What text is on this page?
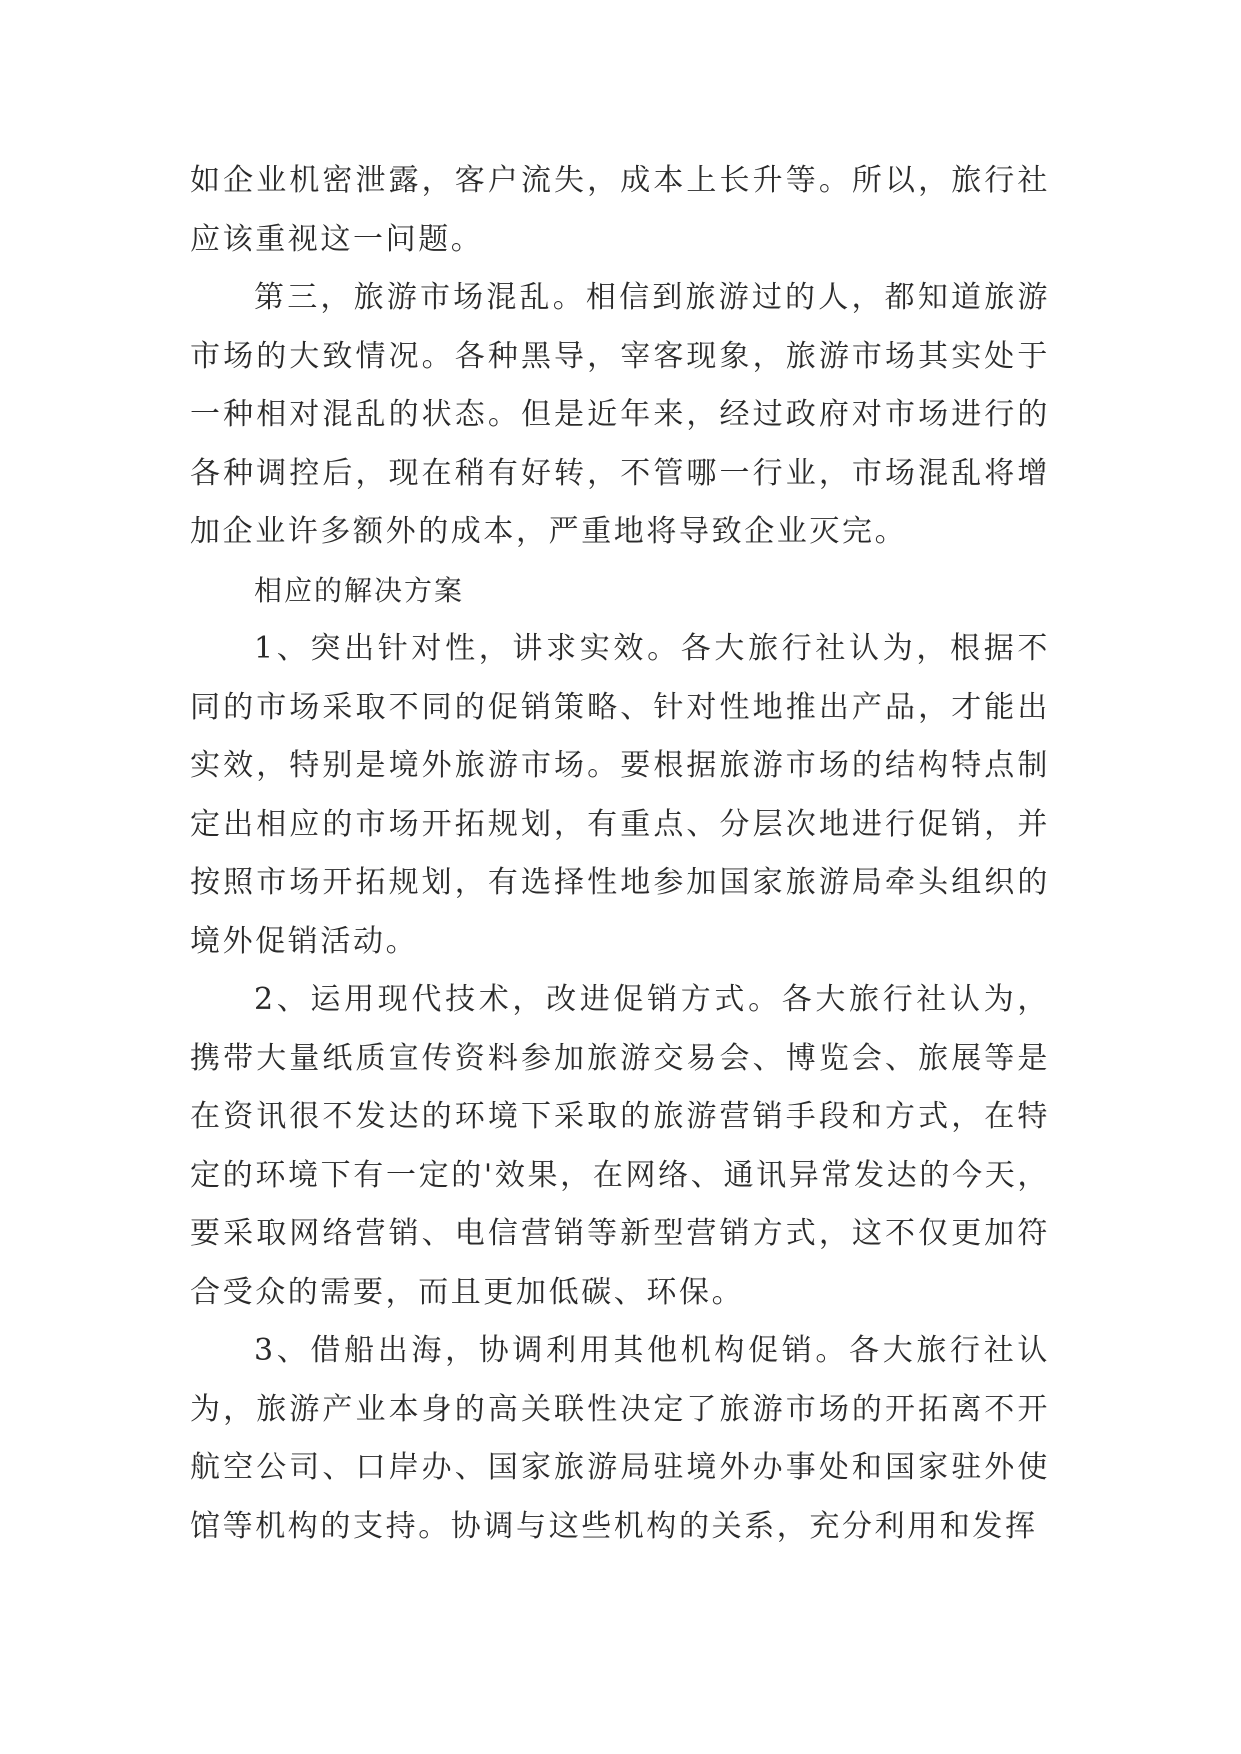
如企业机密泄露，客户流失，成本上长升等。所以，旅行社应该重视这一问题。

第三，旅游市场混乱。相信到旅游过的人，都知道旅游市场的大致情况。各种黑导，宰客现象，旅游市场其实处于一种相对混乱的状态。但是近年来，经过政府对市场进行的各种调控后，现在稍有好转，不管哪一行业，市场混乱将增加企业许多额外的成本，严重地将导致企业灭完。

相应的解决方案

1、突出针对性，讲求实效。各大旅行社认为，根据不同的市场采取不同的促销策略、针对性地推出产品，才能出实效，特别是境外旅游市场。要根据旅游市场的结构特点制定出相应的市场开拓规划，有重点、分层次地进行促销，并按照市场开拓规划，有选择性地参加国家旅游局牵头组织的境外促销活动。

2、运用现代技术，改进促销方式。各大旅行社认为，携带大量纸质宣传资料参加旅游交易会、博览会、旅展等是在资讯很不发达的环境下采取的旅游营销手段和方式，在特定的环境下有一定的'效果，在网络、通讯异常发达的今天，要采取网络营销、电信营销等新型营销方式，这不仅更加符合受众的需要，而且更加低碳、环保。

3、借船出海，协调利用其他机构促销。各大旅行社认为，旅游产业本身的高关联性决定了旅游市场的开拓离不开航空公司、口岸办、国家旅游局驻境外办事处和国家驻外使馆等机构的支持。协调与这些机构的关系，充分利用和发挥
